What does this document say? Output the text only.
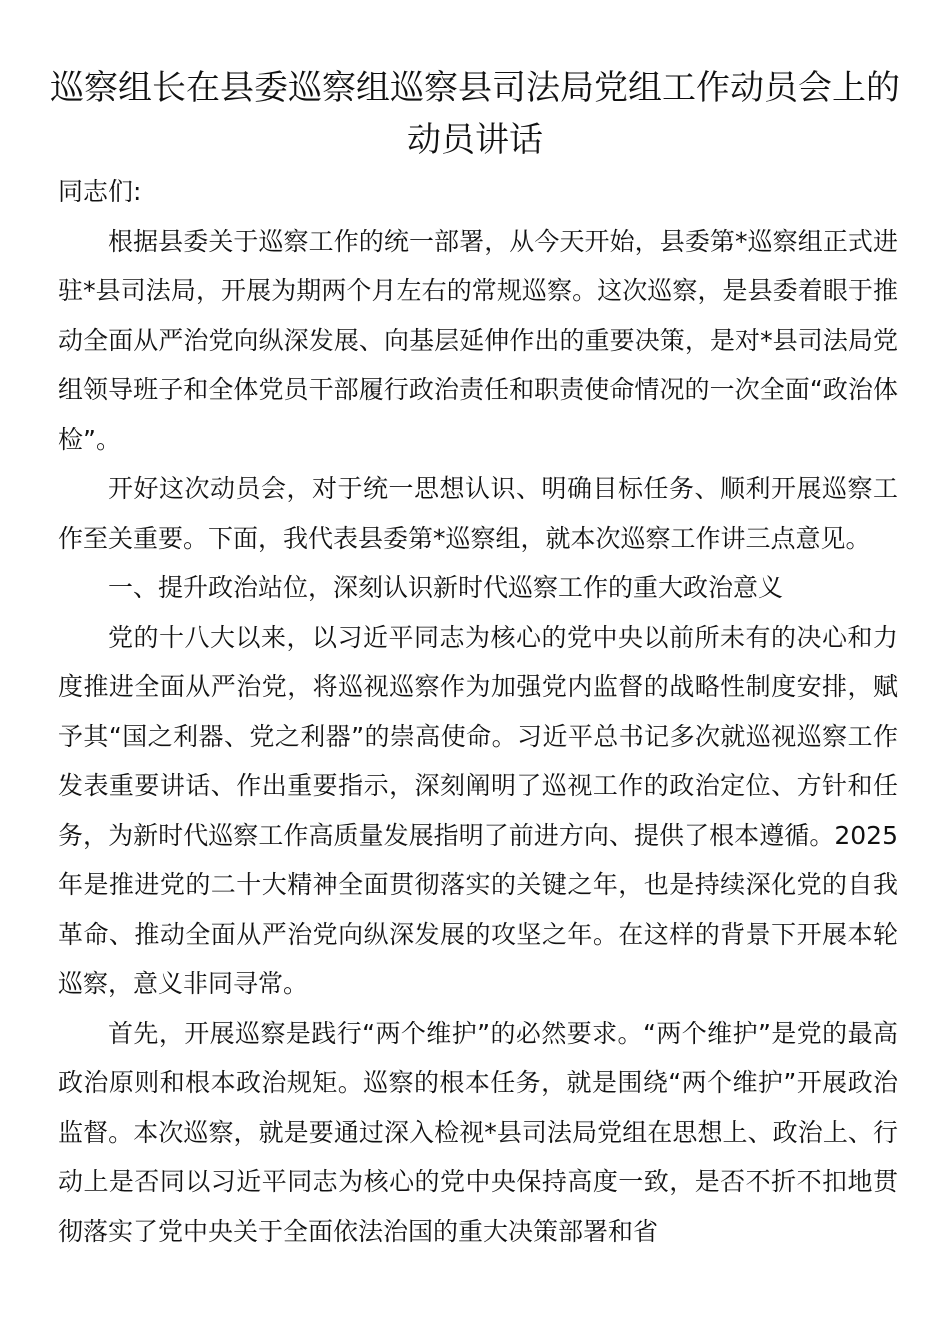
巡察组长在县委巡察组巡察县司法局党组工作动员会上的动员讲话

同志们:

根据县委关于巡察工作的统一部署，从今天开始，县委第*巡察组正式进驻*县司法局，开展为期两个月左右的常规巡察。这次巡察，是县委着眼于推动全面从严治党向纵深发展、向基层延伸作出的重要决策，是对*县司法局党组领导班子和全体党员干部履行政治责任和职责使命情况的一次全面“政治体检”。

开好这次动员会，对于统一思想认识、明确目标任务、顺利开展巡察工作至关重要。下面，我代表县委第*巡察组，就本次巡察工作讲三点意见。

一、提升政治站位，深刻认识新时代巡察工作的重大政治意义

党的十八大以来，以习近平同志为核心的党中央以前所未有的决心和力度推进全面从严治党，将巡视巡察作为加强党内监督的战略性制度安排，赋予其“国之利器、党之利器”的崇高使命。习近平总书记多次就巡视巡察工作发表重要讲话、作出重要指示，深刻阐明了巡视工作的政治定位、方针和任务，为新时代巡察工作高质量发展指明了前进方向、提供了根本遵循。2025年是推进党的二十大精神全面贯彻落实的关键之年，也是持续深化党的自我革命、推动全面从严治党向纵深发展的攻坚之年。在这样的背景下开展本轮巡察，意义非同寻常。

首先，开展巡察是践行“两个维护”的必然要求。“两个维护”是党的最高政治原则和根本政治规矩。巡察的根本任务，就是围绕“两个维护”开展政治监督。本次巡察，就是要通过深入检视*县司法局党组在思想上、政治上、行动上是否同以习近平同志为核心的党中央保持高度一致，是否不折不扣地贯彻落实了党中央关于全面依法治国的重大决策部署和省
